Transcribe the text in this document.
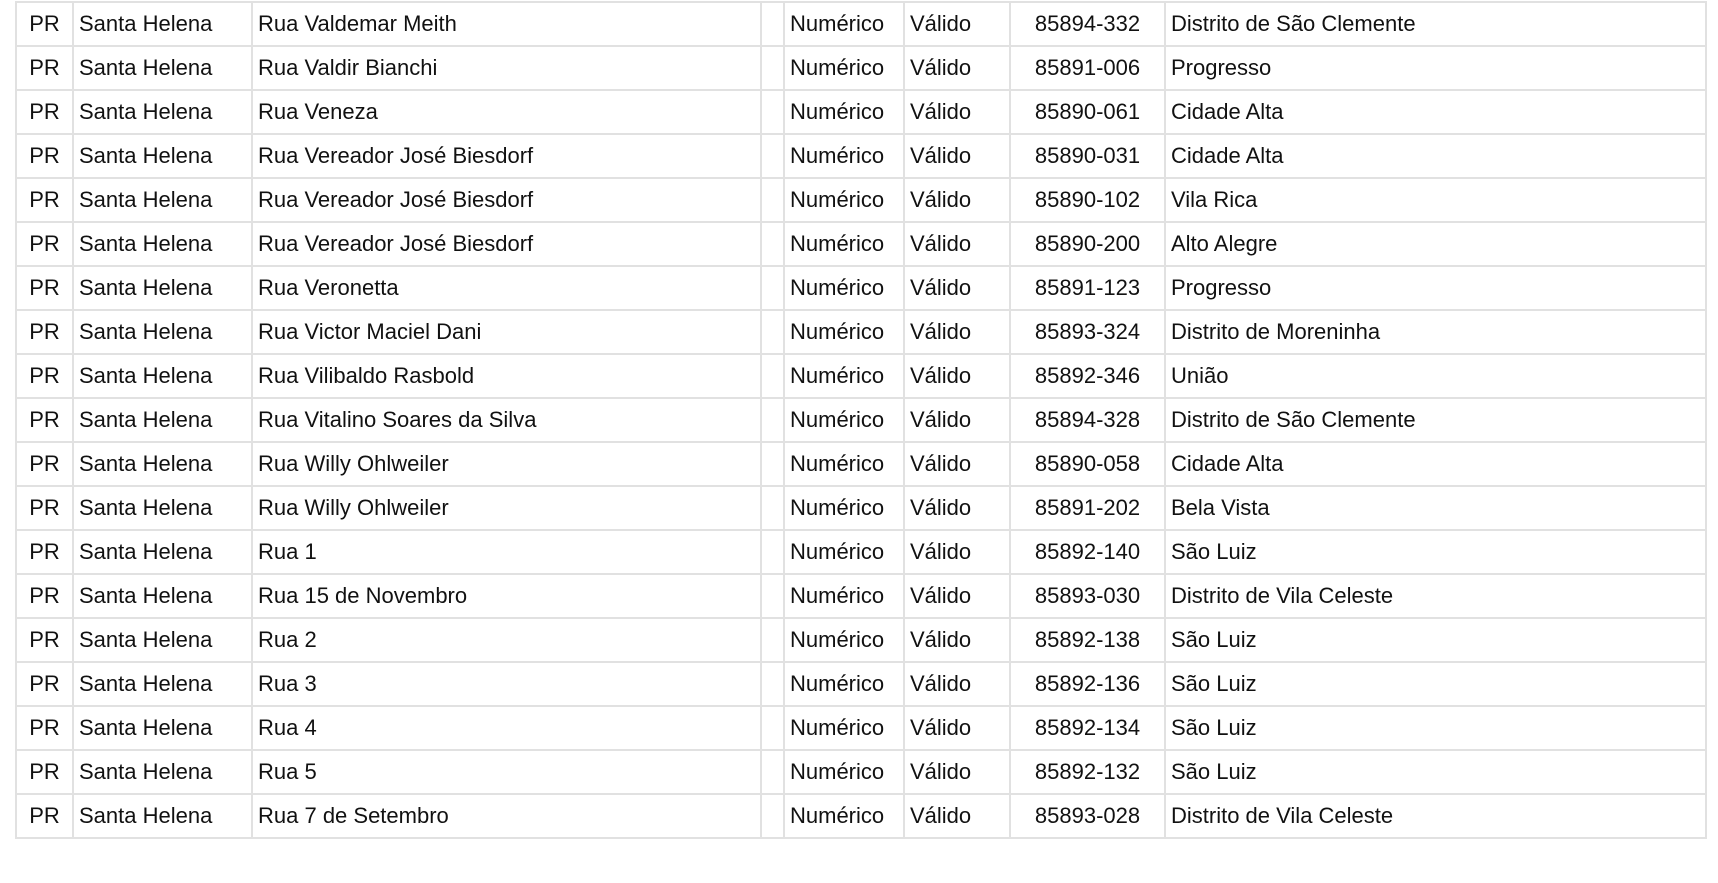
PR	Santa Helena	Rua Valdemar Meith		Numérico	Válido	85894-332	Distrito de São Clemente
PR	Santa Helena	Rua Valdir Bianchi		Numérico	Válido	85891-006	Progresso
PR	Santa Helena	Rua Veneza		Numérico	Válido	85890-061	Cidade Alta
PR	Santa Helena	Rua Vereador José Biesdorf		Numérico	Válido	85890-031	Cidade Alta
PR	Santa Helena	Rua Vereador José Biesdorf		Numérico	Válido	85890-102	Vila Rica
PR	Santa Helena	Rua Vereador José Biesdorf		Numérico	Válido	85890-200	Alto Alegre
PR	Santa Helena	Rua Veronetta		Numérico	Válido	85891-123	Progresso
PR	Santa Helena	Rua Victor Maciel Dani		Numérico	Válido	85893-324	Distrito de Moreninha
PR	Santa Helena	Rua Vilibaldo Rasbold		Numérico	Válido	85892-346	União
PR	Santa Helena	Rua Vitalino Soares da Silva		Numérico	Válido	85894-328	Distrito de São Clemente
PR	Santa Helena	Rua Willy Ohlweiler		Numérico	Válido	85890-058	Cidade Alta
PR	Santa Helena	Rua Willy Ohlweiler		Numérico	Válido	85891-202	Bela Vista
PR	Santa Helena	Rua 1		Numérico	Válido	85892-140	São Luiz
PR	Santa Helena	Rua 15 de Novembro		Numérico	Válido	85893-030	Distrito de Vila Celeste
PR	Santa Helena	Rua 2		Numérico	Válido	85892-138	São Luiz
PR	Santa Helena	Rua 3		Numérico	Válido	85892-136	São Luiz
PR	Santa Helena	Rua 4		Numérico	Válido	85892-134	São Luiz
PR	Santa Helena	Rua 5		Numérico	Válido	85892-132	São Luiz
PR	Santa Helena	Rua 7 de Setembro		Numérico	Válido	85893-028	Distrito de Vila Celeste
